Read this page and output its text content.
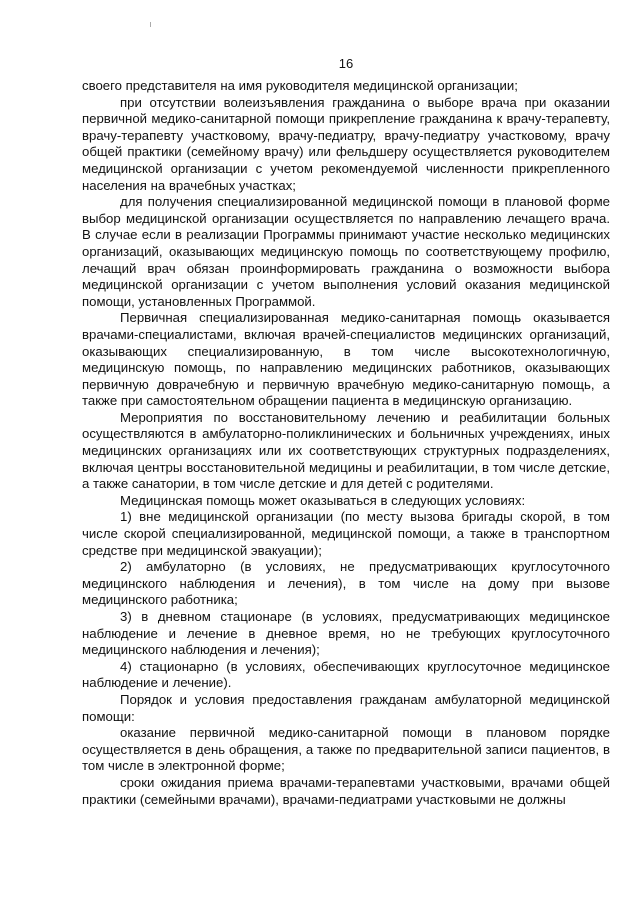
16

своего представителя на имя руководителя медицинской организации;

при отсутствии волеизъявления гражданина о выборе врача при оказании первичной медико-санитарной помощи прикрепление гражданина к врачу-терапевту, врачу-терапевту участковому, врачу-педиатру, врачу-педиатру участковому, врачу общей практики (семейному врачу) или фельдшеру осуществляется руководителем медицинской организации с учетом рекомендуемой численности прикрепленного населения на врачебных участках;

для получения специализированной медицинской помощи в плановой форме выбор медицинской организации осуществляется по направлению лечащего врача. В случае если в реализации Программы принимают участие несколько медицинских организаций, оказывающих медицинскую помощь по соответствующему профилю, лечащий врач обязан проинформировать гражданина о возможности выбора медицинской организации с учетом выполнения условий оказания медицинской помощи, установленных Программой.

Первичная специализированная медико-санитарная помощь оказывается врачами-специалистами, включая врачей-специалистов медицинских организаций, оказывающих специализированную, в том числе высокотехнологичную, медицинскую помощь, по направлению медицинских работников, оказывающих первичную доврачебную и первичную врачебную медико-санитарную помощь, а также при самостоятельном обращении пациента в медицинскую организацию.

Мероприятия по восстановительному лечению и реабилитации больных осуществляются в амбулаторно-поликлинических и больничных учреждениях, иных медицинских организациях или их соответствующих структурных подразделениях, включая центры восстановительной медицины и реабилитации, в том числе детские, а также санатории, в том числе детские и для детей с родителями.

Медицинская помощь может оказываться в следующих условиях:

1) вне медицинской организации (по месту вызова бригады скорой, в том числе скорой специализированной, медицинской помощи, а также в транспортном средстве при медицинской эвакуации);

2) амбулаторно (в условиях, не предусматривающих круглосуточного медицинского наблюдения и лечения), в том числе на дому при вызове медицинского работника;

3) в дневном стационаре (в условиях, предусматривающих медицинское наблюдение и лечение в дневное время, но не требующих круглосуточного медицинского наблюдения и лечения);

4) стационарно (в условиях, обеспечивающих круглосуточное медицинское наблюдение и лечение).

Порядок и условия предоставления гражданам амбулаторной медицинской помощи:

оказание первичной медико-санитарной помощи в плановом порядке осуществляется в день обращения, а также по предварительной записи пациентов, в том числе в электронной форме;

сроки ожидания приема врачами-терапевтами участковыми, врачами общей практики (семейными врачами), врачами-педиатрами участковыми не должны
